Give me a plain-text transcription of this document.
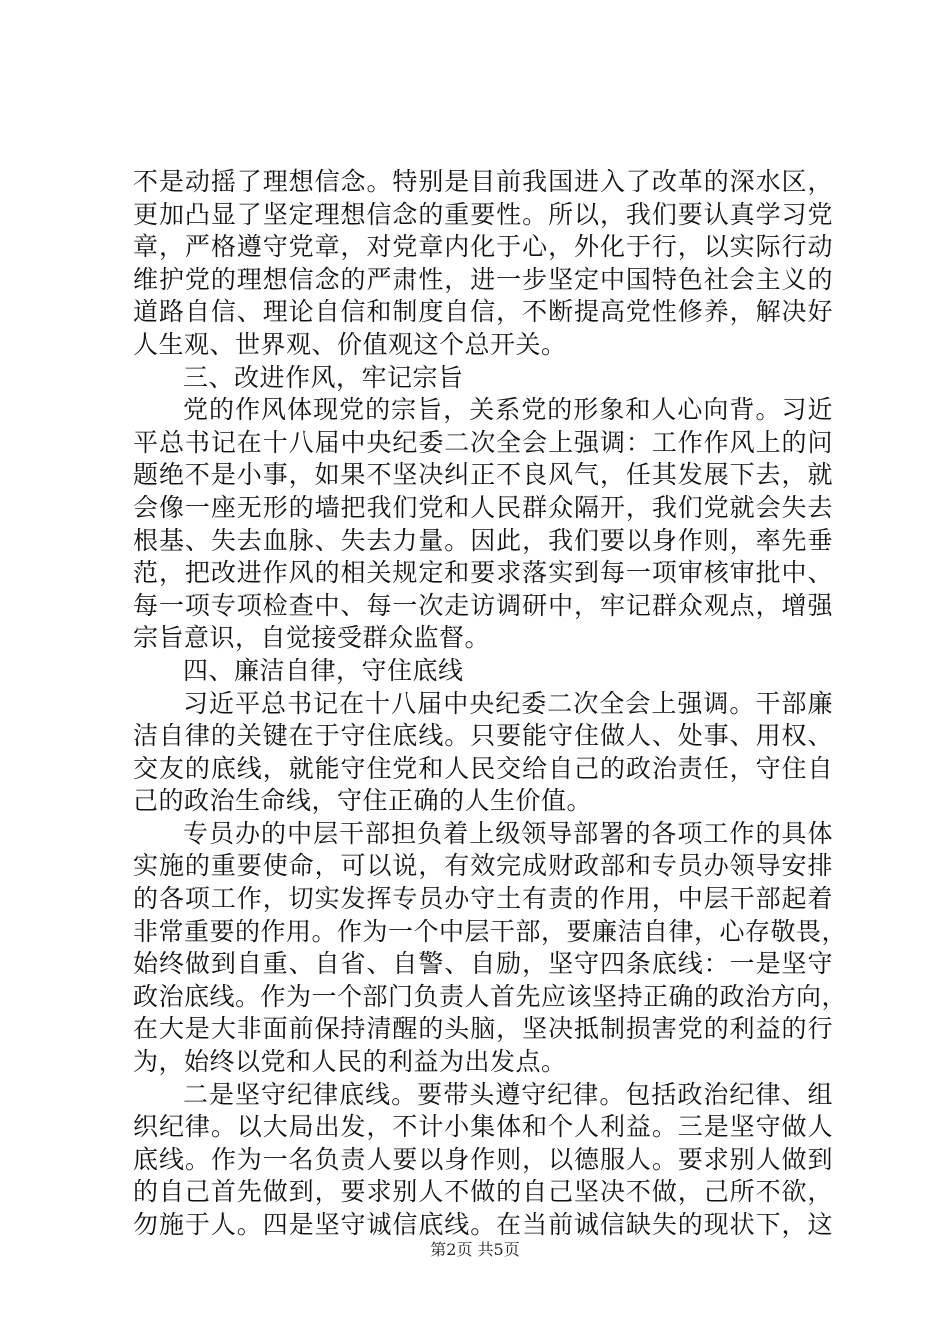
不是动摇了理想信念。特别是目前我国进入了改革的深水区，
更加凸显了坚定理想信念的重要性。所以，我们要认真学习党
章，严格遵守党章，对党章内化于心，外化于行，以实际行动
维护党的理想信念的严肃性，进一步坚定中国特色社会主义的
道路自信、理论自信和制度自信，不断提高党性修养，解决好
人生观、世界观、价值观这个总开关。
三、改进作风，牢记宗旨
党的作风体现党的宗旨，关系党的形象和人心向背。习近
平总书记在十八届中央纪委二次全会上强调：工作作风上的问
题绝不是小事，如果不坚决纠正不良风气，任其发展下去，就
会像一座无形的墙把我们党和人民群众隔开，我们党就会失去
根基、失去血脉、失去力量。因此，我们要以身作则，率先垂
范，把改进作风的相关规定和要求落实到每一项审核审批中、
每一项专项检查中、每一次走访调研中，牢记群众观点，增强
宗旨意识，自觉接受群众监督。
四、廉洁自律，守住底线
习近平总书记在十八届中央纪委二次全会上强调。干部廉
洁自律的关键在于守住底线。只要能守住做人、处事、用权、
交友的底线，就能守住党和人民交给自己的政治责任，守住自
己的政治生命线，守住正确的人生价值。
专员办的中层干部担负着上级领导部署的各项工作的具体
实施的重要使命，可以说，有效完成财政部和专员办领导安排
的各项工作，切实发挥专员办守土有责的作用，中层干部起着
非常重要的作用。作为一个中层干部，要廉洁自律，心存敬畏，
始终做到自重、自省、自警、自励，坚守四条底线：一是坚守
政治底线。作为一个部门负责人首先应该坚持正确的政治方向，
在大是大非面前保持清醒的头脑，坚决抵制损害党的利益的行
为，始终以党和人民的利益为出发点。
二是坚守纪律底线。要带头遵守纪律。包括政治纪律、组
织纪律。以大局出发，不计小集体和个人利益。三是坚守做人
底线。作为一名负责人要以身作则，以德服人。要求别人做到
的自己首先做到，要求别人不做的自己坚决不做，己所不欲，
勿施于人。四是坚守诚信底线。在当前诚信缺失的现状下，这
第2页 共5页
